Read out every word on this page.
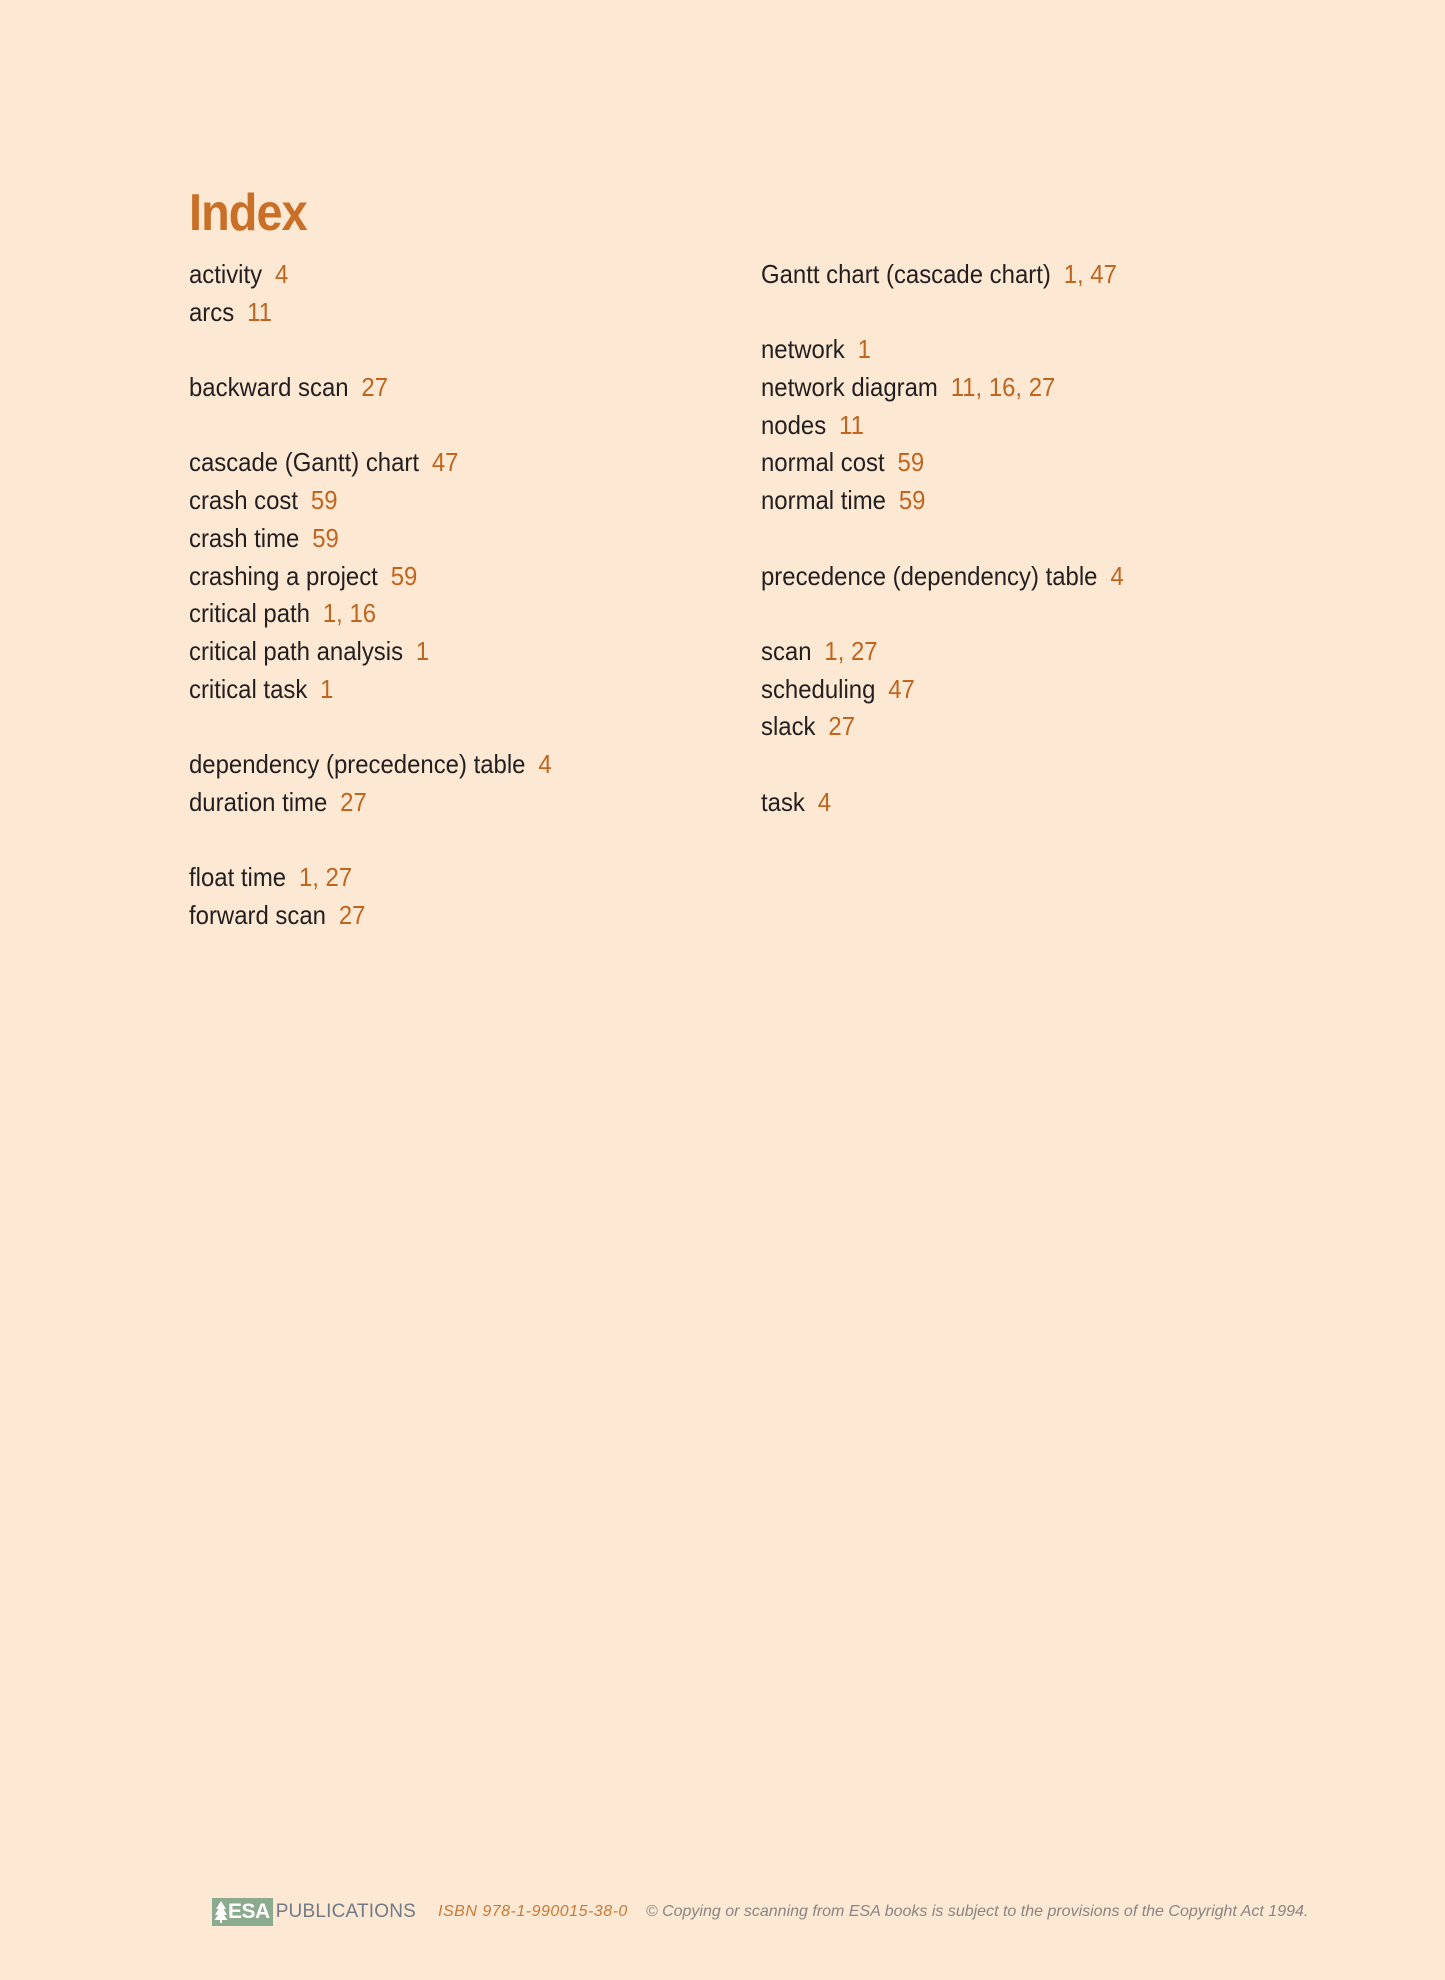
Index
activity 4
arcs 11
backward scan 27
cascade (Gantt) chart 47
crash cost 59
crash time 59
crashing a project 59
critical path 1, 16
critical path analysis 1
critical task 1
dependency (precedence) table 4
duration time 27
float time 1, 27
forward scan 27
Gantt chart (cascade chart) 1, 47
network 1
network diagram 11, 16, 27
nodes 11
normal cost 59
normal time 59
precedence (dependency) table 4
scan 1, 27
scheduling 47
slack 27
task 4
ESA PUBLICATIONS ISBN 978-1-990015-38-0 © Copying or scanning from ESA books is subject to the provisions of the Copyright Act 1994.
